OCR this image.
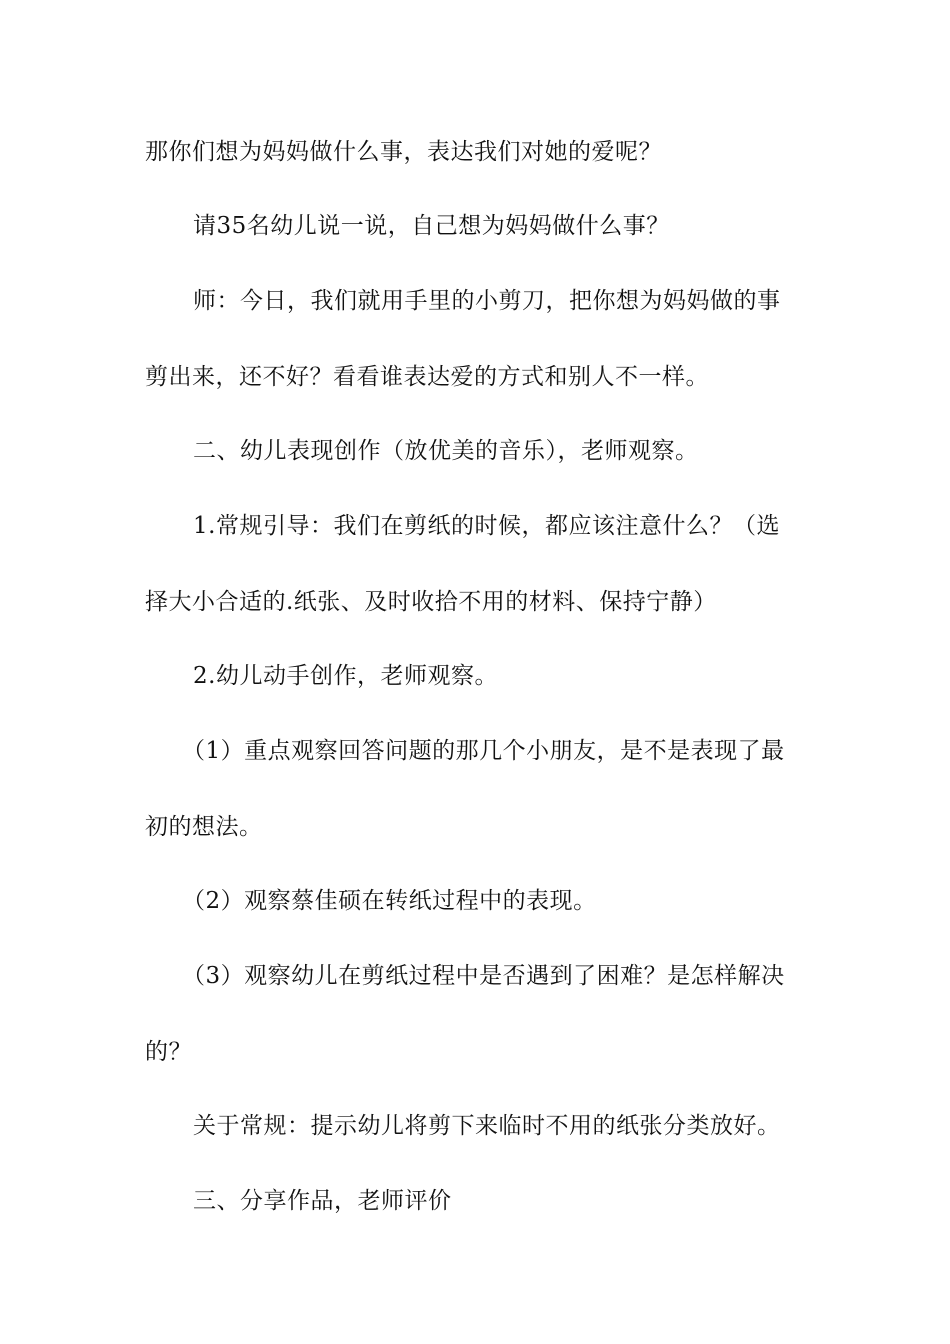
那你们想为妈妈做什么事，表达我们对她的爱呢？
请35名幼儿说一说，自己想为妈妈做什么事？
师：今日，我们就用手里的小剪刀，把你想为妈妈做的事
剪出来，还不好？看看谁表达爱的方式和别人不一样。
二、幼儿表现创作（放优美的音乐），老师观察。
1.常规引导：我们在剪纸的时候，都应该注意什么？（选
择大小合适的.纸张、及时收拾不用的材料、保持宁静）
2.幼儿动手创作，老师观察。
（1）重点观察回答问题的那几个小朋友，是不是表现了最
初的想法。
（2）观察蔡佳硕在转纸过程中的表现。
（3）观察幼儿在剪纸过程中是否遇到了困难？是怎样解决
的？
关于常规：提示幼儿将剪下来临时不用的纸张分类放好。
三、分享作品，老师评价
